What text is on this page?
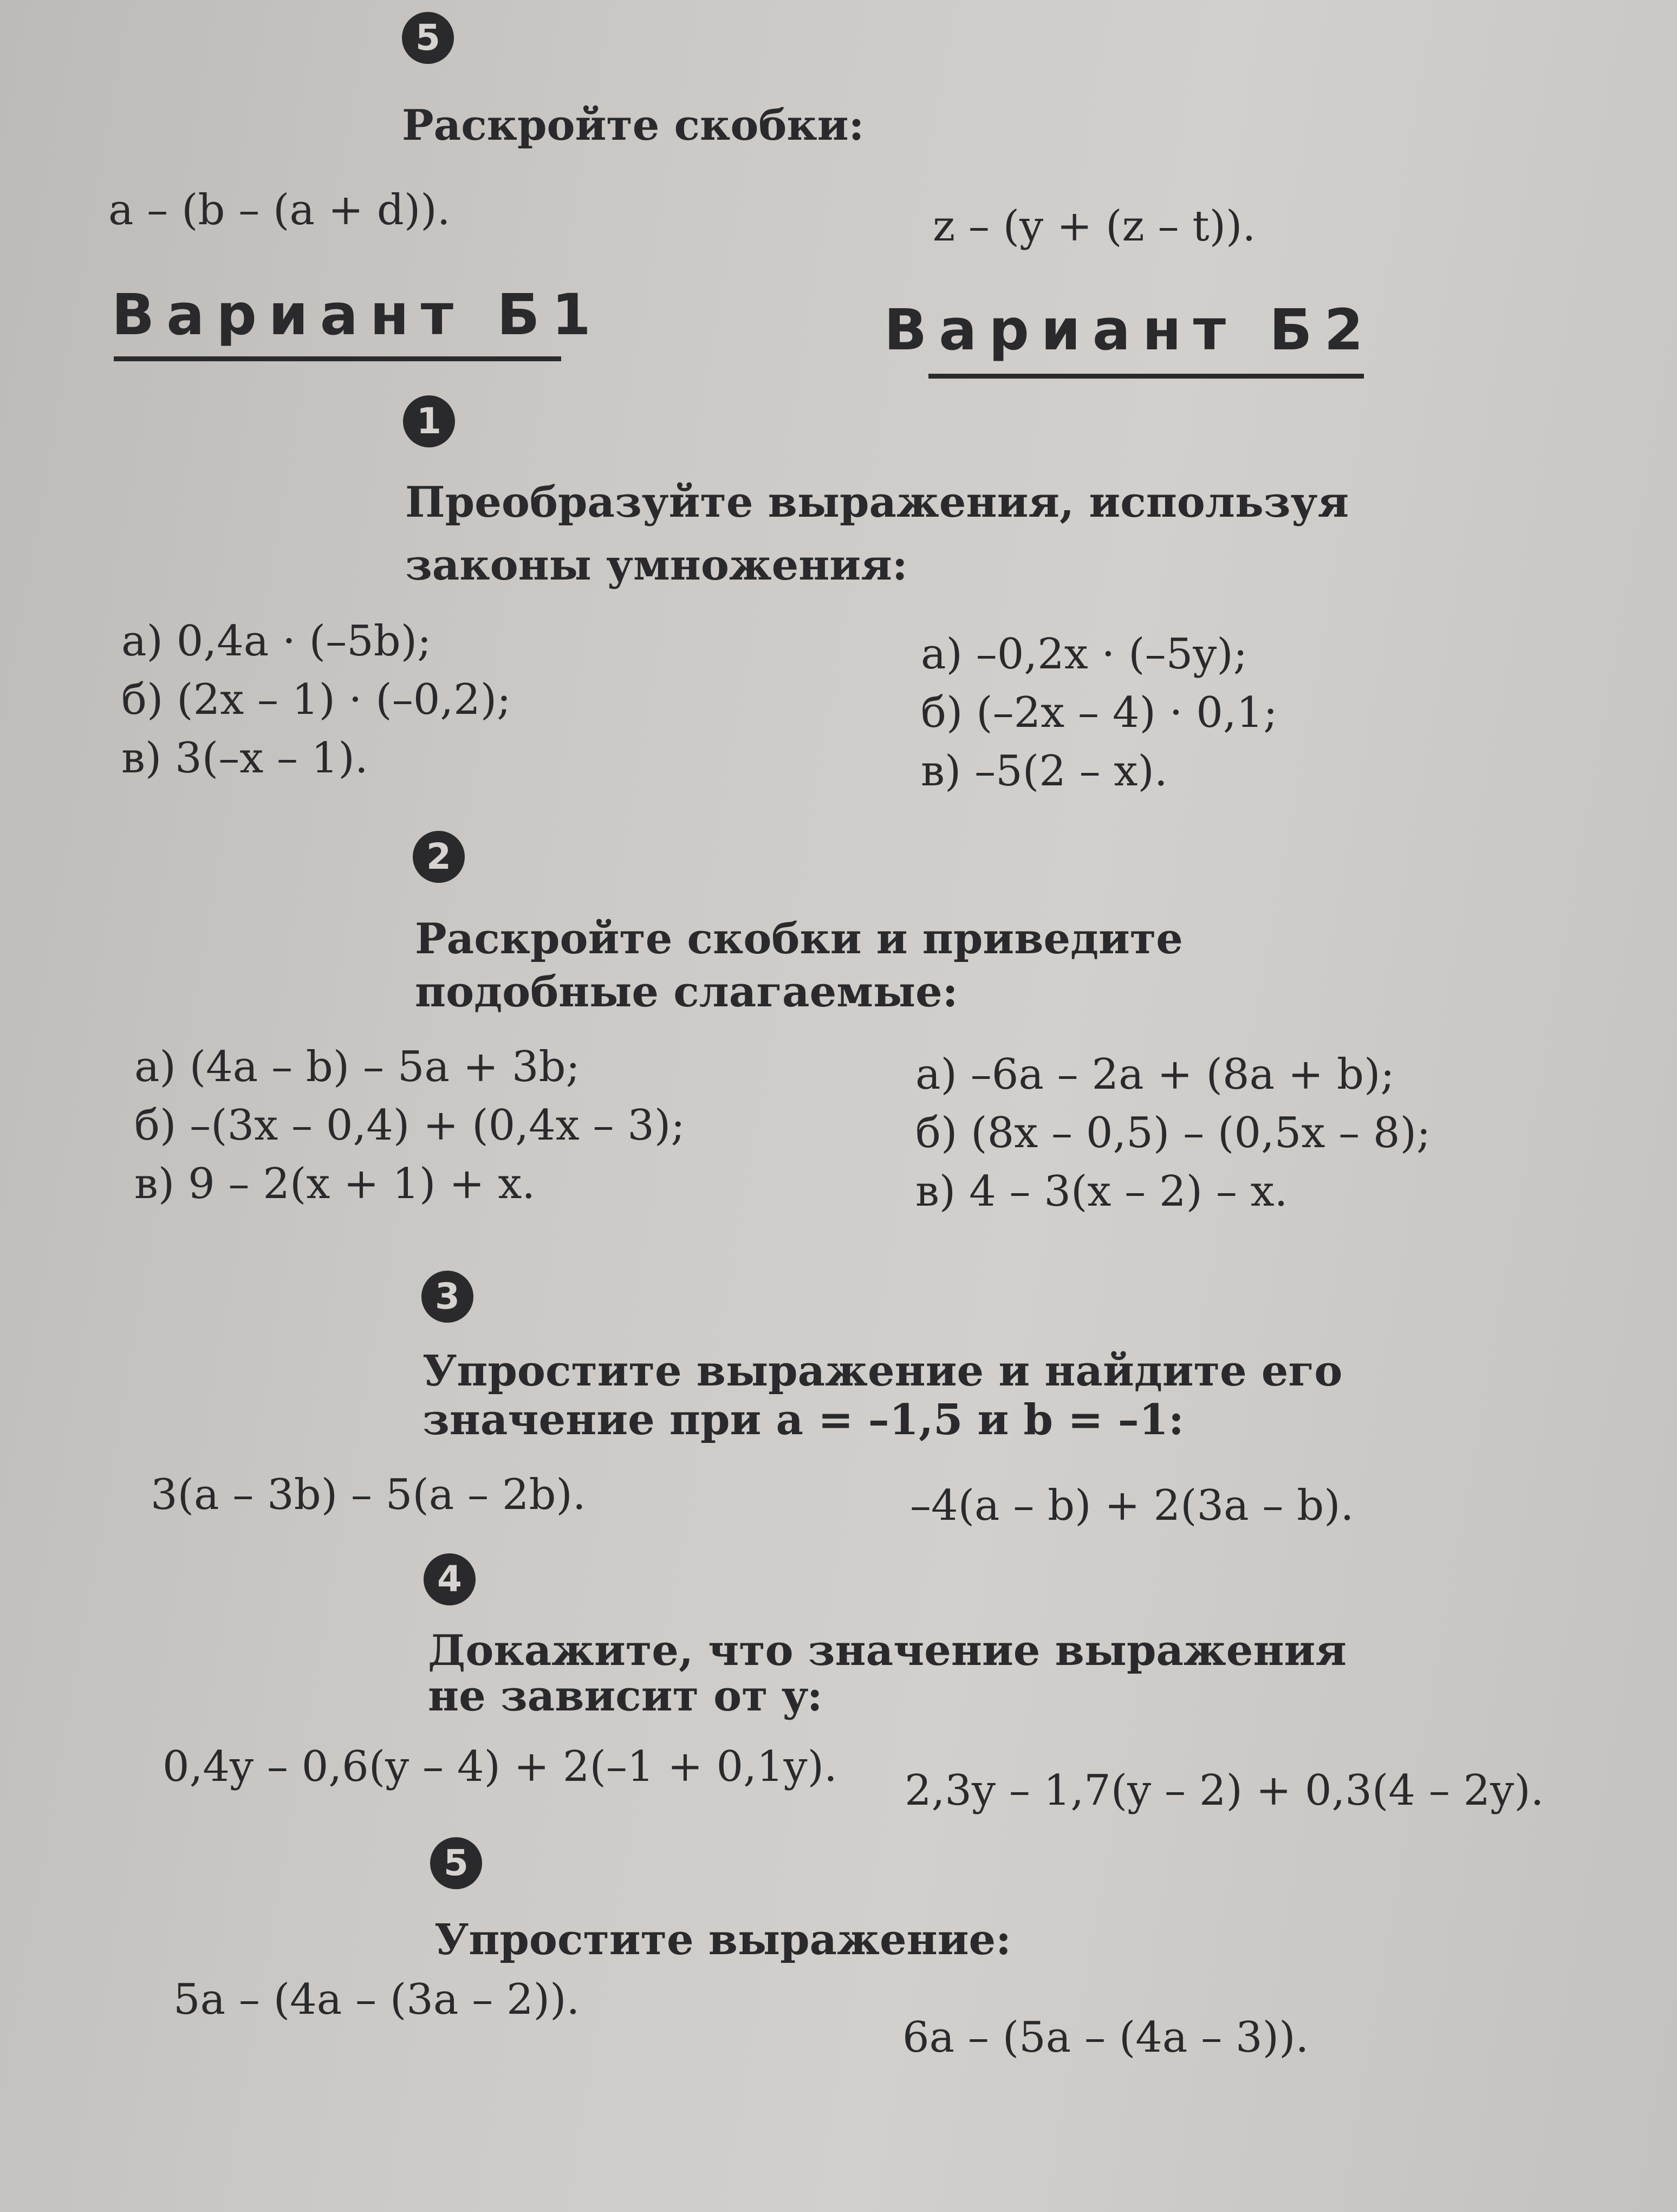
5
Раскройте скобки:
a – (b – (a + d)).	z – (y + (z – t)).
Вариант Б1	Вариант Б2
1
Преобразуйте выражения, используя
законы умножения:
а) 0,4a · (–5b);
б) (2x – 1) · (–0,2);
в) 3(–x – 1).
а) –0,2x · (–5y);
б) (–2x – 4) · 0,1;
в) –5(2 – x).
2
Раскройте скобки и приведите
подобные слагаемые:
а) (4a – b) – 5a + 3b;
б) –(3x – 0,4) + (0,4x – 3);
в) 9 – 2(x + 1) + x.
а) –6a – 2a + (8a + b);
б) (8x – 0,5) – (0,5x – 8);
в) 4 – 3(x – 2) – x.
3
Упростите выражение и найдите его
значение при a = –1,5 и b = –1:
3(a – 3b) – 5(a – 2b).	–4(a – b) + 2(3a – b).
4
Докажите, что значение выражения
не зависит от y:
0,4y – 0,6(y – 4) + 2(–1 + 0,1y). 2,3y – 1,7(y – 2) + 0,3(4 – 2y).
5
Упростите выражение:
5a – (4a – (3a – 2)).
6a – (5a – (4a – 3)).
